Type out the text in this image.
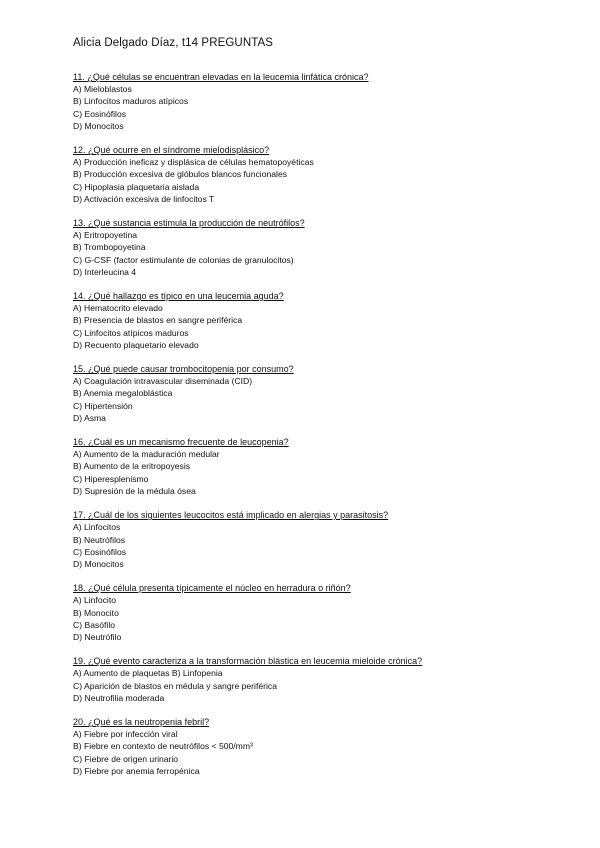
Alicia Delgado Díaz, t14 PREGUNTAS
11. ¿Qué células se encuentran elevadas en la leucemia linfática crónica?
A) Mieloblastos
B) Linfocitos maduros atípicos
C) Eosinófilos
D) Monocitos
12. ¿Qué ocurre en el síndrome mielodisplásico?
A) Producción ineficaz y displásica de células hematopoyéticas
B) Producción excesiva de glóbulos blancos funcionales
C) Hipoplasia plaquetaria aislada
D) Activación excesiva de linfocitos T
13. ¿Qué sustancia estimula la producción de neutrófilos?
A) Eritropoyetina
B) Trombopoyetina
C) G-CSF (factor estimulante de colonias de granulocitos)
D) Interleucina 4
14. ¿Qué hallazgo es típico en una leucemia aguda?
A) Hematocrito elevado
B) Presencia de blastos en sangre periférica
C) Linfocitos atípicos maduros
D) Recuento plaquetario elevado
15. ¿Qué puede causar trombocitopenia por consumo?
A) Coagulación intravascular diseminada (CID)
B) Anemia megaloblástica
C) Hipertensión
D) Asma
16. ¿Cuál es un mecanismo frecuente de leucopenia?
A) Aumento de la maduración medular
B) Aumento de la eritropoyesis
C) Hiperesplenismo
D) Supresión de la médula ósea
17. ¿Cuál de los siguientes leucocitos está implicado en alergias y parasitosis?
A) Linfocitos
B) Neutrófilos
C) Eosinófilos
D) Monocitos
18. ¿Qué célula presenta típicamente el núcleo en herradura o riñón?
A) Linfocito
B) Monocito
C) Basófilo
D) Neutrófilo
19. ¿Qué evento caracteriza a la transformación blástica en leucemia mieloide crónica?
A) Aumento de plaquetas B) Linfopenia
C) Aparición de blastos en médula y sangre periférica
D) Neutrofilia moderada
20. ¿Qué es la neutropenia febril?
A) Fiebre por infección viral
B) Fiebre en contexto de neutrófilos < 500/mm³
C) Fiebre de origen urinario
D) Fiebre por anemia ferropénica
